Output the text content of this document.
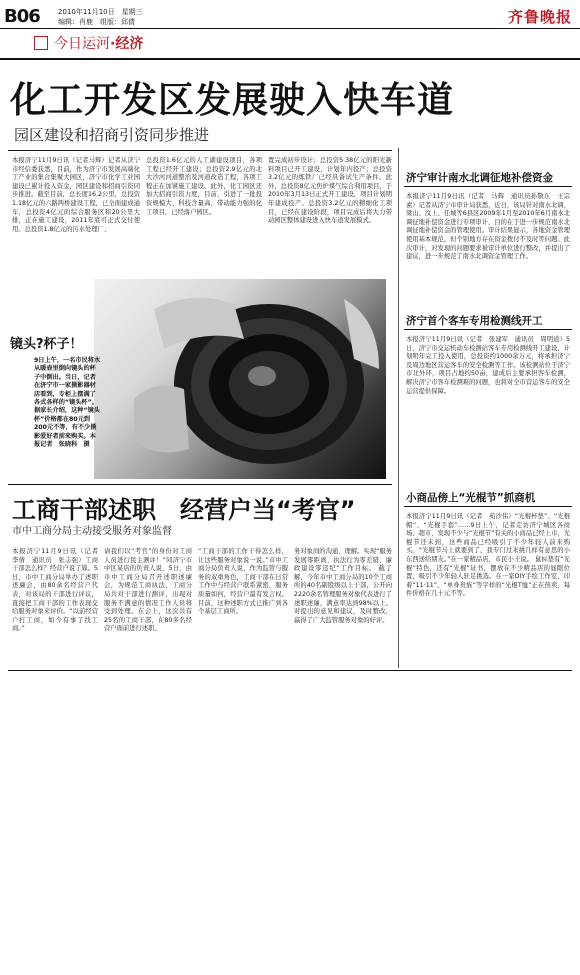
B06	2010年11月10日　星期三
编辑：肖鹿　组版：邱倩	齐鲁晚报
今日运河·经济
化工开发区发展驶入快车道
园区建设和招商引资同步推进
本报济宁11月9日讯（记者马辉）记者从济宁市经信委获悉，目前，作为济宁市发展高端化工产业的集合集聚大园区，济宁市化学工业园建设已累计投入资金，园区建设和招商引资同步推进。截至目前，总长度16.2公里，总投资1.18亿元的六路两桥建设工程，已全面建成通车，总投资4亿元的综合服务区和20公里大排，正在施工建设，2011年底可正式交付使用。总投资1.8亿元的污水处理厂、
总投资1.6亿元的人工湖建设项目，各项工程已经开工建设；总投资2.9亿元的北大沙河河道整治及河道改造工程，各项工程正在加紧施工建设。此外，化工园区还加大招商引资力度，目前，引进了一批投资规模大、科技含量高、带动能力强的化工项目，已经落户园区。
置完成初步设计；总投资5.38亿元的阳光新料项目已开工建设，计划年内投产；总投资3.2亿元的炼铁厂已经具备试生产条件。此外，总投资8亿元焦炉煤气综合利用项目，于2010年3月13日正式开工建设，项目计划明年建成投产。总投资3.2亿元的精细化工项目，已经在建设阶段，项目完成后将大力带动园区整体建设进入快车道发展模式。
镜头?杯子！
9日上午，一名市民将水从暖壶里倒向镜头的杯子中倒出。当日，记者在济宁市一家摄影器材店看到，专柜上摆满了各式各样的“镜头杯”。据家长介绍，这种“镜头杯”价格都在80元到200元不等，有不少摄影爱好者前来购买。本报记者　张晓科　摄
工商干部述职　经营户当“考官”
市中工商分局主动接受服务对象监督
本报济宁11月9日讯（记者　李倩　通讯员　张志强）工商干部怎么样？经营户说了算。5日，市中工商分局举办了述职述廉会，由80余名经营户代表，对该局的干部进行评议，直接把工商干部的工作表现交给服务对象来评价。“以前经营户打工商，如今有事了找工商。”
请我们以“考官”的身份对工商人员进行民主测评！”同济宁市中区某店的负责人说，5日，由市中工商分局召开述职述廉会，为规范工商执法，工商分局共对干部进行测评，出现对服务不满意的情况工作人员将受到处理。在会上，这次共有25名的工商干部，在80多名经营户面前进行述职。
“工商干部的工作干得怎么样，让这些服务对象说一说。”市中工商分局负责人说，作为监管与服务的双重角色，工商干部在日常工作中与经营户联系紧密，服务质量如何，经营户最有发言权。目前，这种述职方式已推广到各个基层工商所。
务对象间的沟通、理解。实现“服务发展零距离、执法行为零差错、廉政建设零违纪”工作目标。 截了解，今年市中工商分局的10个工商所的40名副股级以上干部，公开向2220余名管理服务对象代表进行了述职述廉，满意率达到98%以上。对提出的意见和建议，及时整改，赢得了广大监管服务对象的好评。
济宁审计南水北调征地补偿资金
本报济宁11月9日讯（记者　马辉　通讯员孙敬东　王宗素）记者从济宁市审计局获悉，近日，该局针对南水北调，梁山、汶上、任城等6县区2009年1月至2010年6月南水北调征地补偿资金进行专项审计，目的在于进一步规范南水北调征地补偿资金的管理使用。审计结果显示，各地资金管理使用基本规范，但个别地方存在资金拨付不及时等问题。此次审计，对发现的问题要求被审计单位进行整改，并提出了建议，进一步规范了南水北调资金管理工作。
济宁首个客车专用检测线开工
本报济宁11月9日讯（记者　张建军　通讯员　周明道）5日，济宁市交运机动车检测站客车专用检测线开工建设，计划明年完工投入使用，总投资约1000余万元，将承担济宁及周边地区营运客车的安全检测等工作。该检测站位于济宁市北外环，项目占地约50亩，建成后主要承担客车检测，解决济宁市客车检测难的问题，也将对全市营运客车的安全运营提供保障。
小商品傍上“光棍节”抓商机
本报济宁11月9日讯（记者　苑沙伟）“光棍杯垫”、“光棍帽”、“光棍手套”……9日上午，记者走访济宁城区各商场、超市，发现不少与“光棍节”有关的小商品已经上市，光棍节还未到，这些商品已经吸引了不少年轻人前来购买。“光棍节马上就要到了，我专门过来挑几样有意思的小东西送给朋友。”在一家精品店，市民小王说。 鼠标垫有“光棍”特色，还有“光棍”证书，摆放在不少精品店的显眼位置，吸引不少年轻人驻足挑选。在一家DIY手绘工作室，印着“11·11”、“单身贵族”等字样的“光棍T恤”正在热卖，每件价格在几十元不等。
